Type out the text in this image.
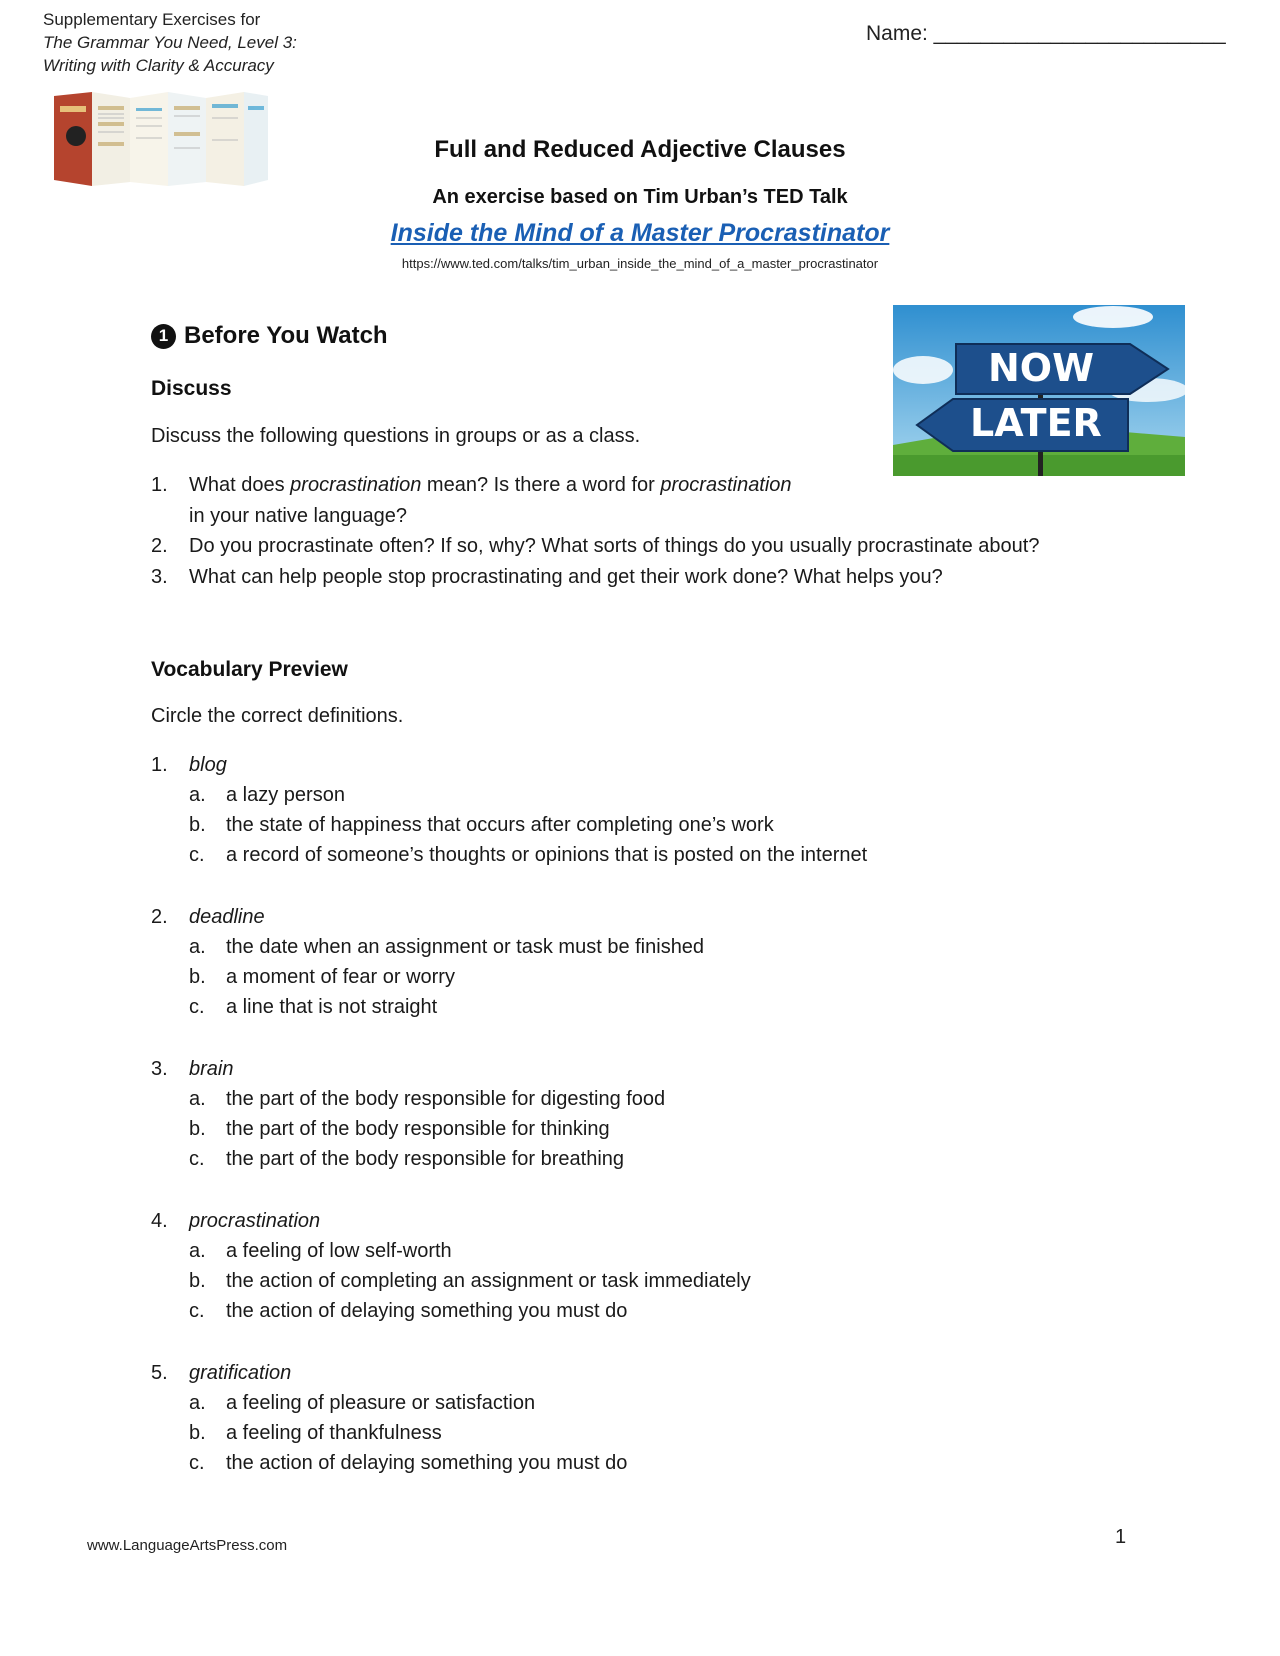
Supplementary Exercises for
The Grammar You Need, Level 3:
Writing with Clarity & Accuracy
Name: _________________________
Full and Reduced Adjective Clauses
An exercise based on Tim Urban’s TED Talk
Inside the Mind of a Master Procrastinator
https://www.ted.com/talks/tim_urban_inside_the_mind_of_a_master_procrastinator
NOW
LATER
1 Before You Watch
Discuss
Discuss the following questions in groups or as a class.
1.	What does procrastination mean? Is there a word for procrastination
in your native language?
2.	Do you procrastinate often? If so, why? What sorts of things do you usually procrastinate about?
3.	What can help people stop procrastinating and get their work done? What helps you?
Vocabulary Preview
Circle the correct definitions.
1.	blog
a.	a lazy person
b.	the state of happiness that occurs after completing one’s work
c.	a record of someone’s thoughts or opinions that is posted on the internet
2.	deadline
a.	the date when an assignment or task must be finished
b.	a moment of fear or worry
c.	a line that is not straight
3.	brain
a.	the part of the body responsible for digesting food
b.	the part of the body responsible for thinking
c.	the part of the body responsible for breathing
4.	procrastination
a.	a feeling of low self-worth
b.	the action of completing an assignment or task immediately
c.	the action of delaying something you must do
5.	gratification
a.	a feeling of pleasure or satisfaction
b.	a feeling of thankfulness
c.	the action of delaying something you must do
www.LanguageArtsPress.com	1
